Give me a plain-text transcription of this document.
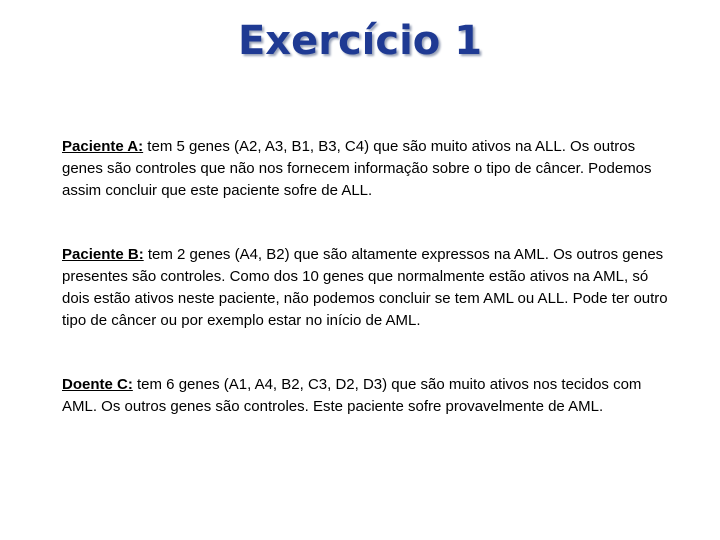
Exercício 1
Paciente A: tem 5 genes (A2, A3, B1, B3, C4) que são muito ativos na ALL. Os outros genes são controles que não nos fornecem informação sobre o tipo de câncer. Podemos assim concluir que este paciente sofre de ALL.
Paciente B: tem 2 genes (A4, B2) que são altamente expressos na AML. Os outros genes presentes são controles. Como dos 10 genes que normalmente estão ativos na AML, só dois estão ativos neste paciente, não podemos concluir se tem AML ou ALL. Pode ter outro tipo de câncer ou por exemplo estar no início de AML.
Doente C: tem 6 genes (A1, A4, B2, C3, D2, D3) que são muito ativos nos tecidos com AML. Os outros genes são controles. Este paciente sofre provavelmente de AML.
